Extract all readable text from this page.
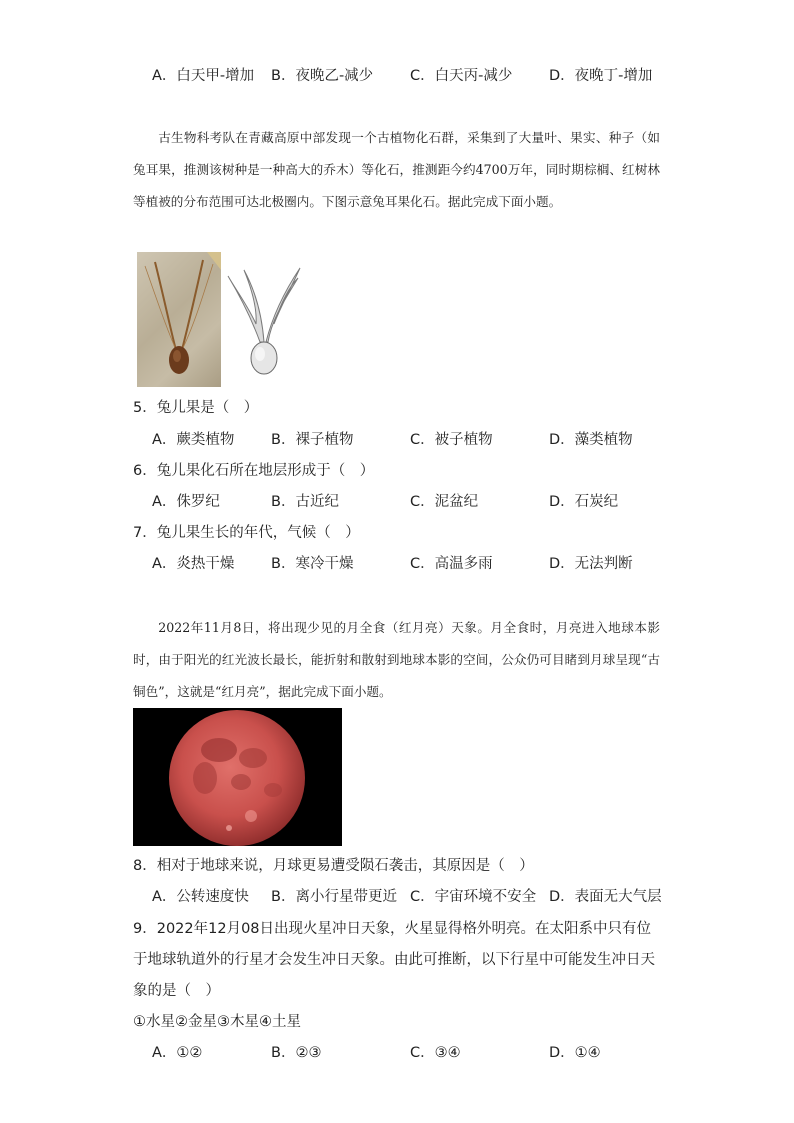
A．白天甲-增加 B．夜晚乙-减少	C．白天丙-减少	D．夜晚丁-增加

古生物科考队在青藏高原中部发现一个古植物化石群，采集到了大量叶、果实、种子（如兔耳果，推测该树种是一种高大的乔木）等化石，推测距今约4700万年，同时期棕榈、红树林等植被的分布范围可达北极圈内。下图示意兔耳果化石。据此完成下面小题。

5．兔儿果是（　）
A．蕨类植物	B．裸子植物	C．被子植物	D．藻类植物
6．兔儿果化石所在地层形成于（　）
A．侏罗纪	B．古近纪	C．泥盆纪	D．石炭纪
7．兔儿果生长的年代，气候（　）
A．炎热干燥	B．寒冷干燥	C．高温多雨	D．无法判断

2022年11月8日，将出现少见的月全食（红月亮）天象。月全食时，月亮进入地球本影时，由于阳光的红光波长最长，能折射和散射到地球本影的空间，公众仍可目睹到月球呈现“古铜色”，这就是“红月亮”，据此完成下面小题。

8．相对于地球来说，月球更易遭受陨石袭击，其原因是（　）
A．公转速度快 B．离小行星带更近 C．宇宙环境不安全 D．表面无大气层

9．2022年12月08日出现火星冲日天象，火星显得格外明亮。在太阳系中只有位于地球轨道外的行星才会发生冲日天象。由此可推断，以下行星中可能发生冲日天象的是（　）

①水星②金星③木星④土星
A．①②	B．②③	C．③④	D．①④
